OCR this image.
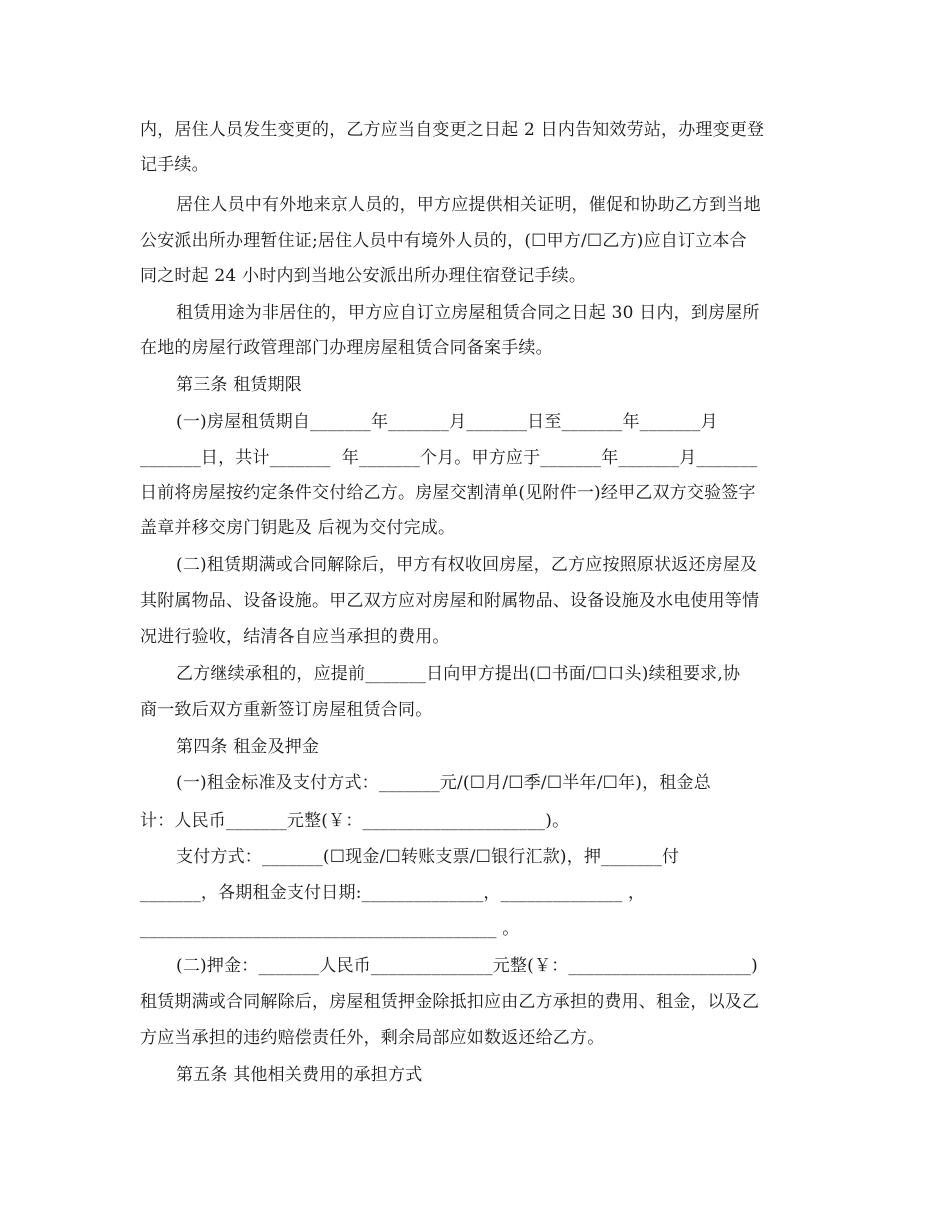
内，居住人员发生变更的，乙方应当自变更之日起 2 日内告知效劳站，办理变更登
记手续。
居住人员中有外地来京人员的，甲方应提供相关证明，催促和协助乙方到当地
公安派出所办理暂住证;居住人员中有境外人员的，(☐甲方/☐乙方)应自订立本合
同之时起 24 小时内到当地公安派出所办理住宿登记手续。
租赁用途为非居住的，甲方应自订立房屋租赁合同之日起 30 日内，到房屋所
在地的房屋行政管理部门办理房屋租赁合同备案手续。
第三条 租赁期限
(一)房屋租赁期自_______年_______月_______日至_______年_______月
_______日，共计_______  年_______个月。甲方应于_______年_______月_______
日前将房屋按约定条件交付给乙方。房屋交割清单(见附件一)经甲乙双方交验签字
盖章并移交房门钥匙及 后视为交付完成。
(二)租赁期满或合同解除后，甲方有权收回房屋，乙方应按照原状返还房屋及
其附属物品、设备设施。甲乙双方应对房屋和附属物品、设备设施及水电使用等情
况进行验收，结清各自应当承担的费用。
乙方继续承租的，应提前_______日向甲方提出(☐书面/☐口头)续租要求,协
商一致后双方重新签订房屋租赁合同。
第四条 租金及押金
(一)租金标准及支付方式：_______元/(☐月/☐季/☐半年/☐年)，租金总
计：人民币_______元整(￥：_____________________)。
支付方式：_______(☐现金/☐转账支票/☐银行汇款)，押_______付
_______，各期租金支付日期:______________，______________ ，
_________________________________________ 。
(二)押金：_______人民币______________元整(￥：_____________________)
租赁期满或合同解除后，房屋租赁押金除抵扣应由乙方承担的费用、租金，以及乙
方应当承担的违约赔偿责任外，剩余局部应如数返还给乙方。
第五条 其他相关费用的承担方式
